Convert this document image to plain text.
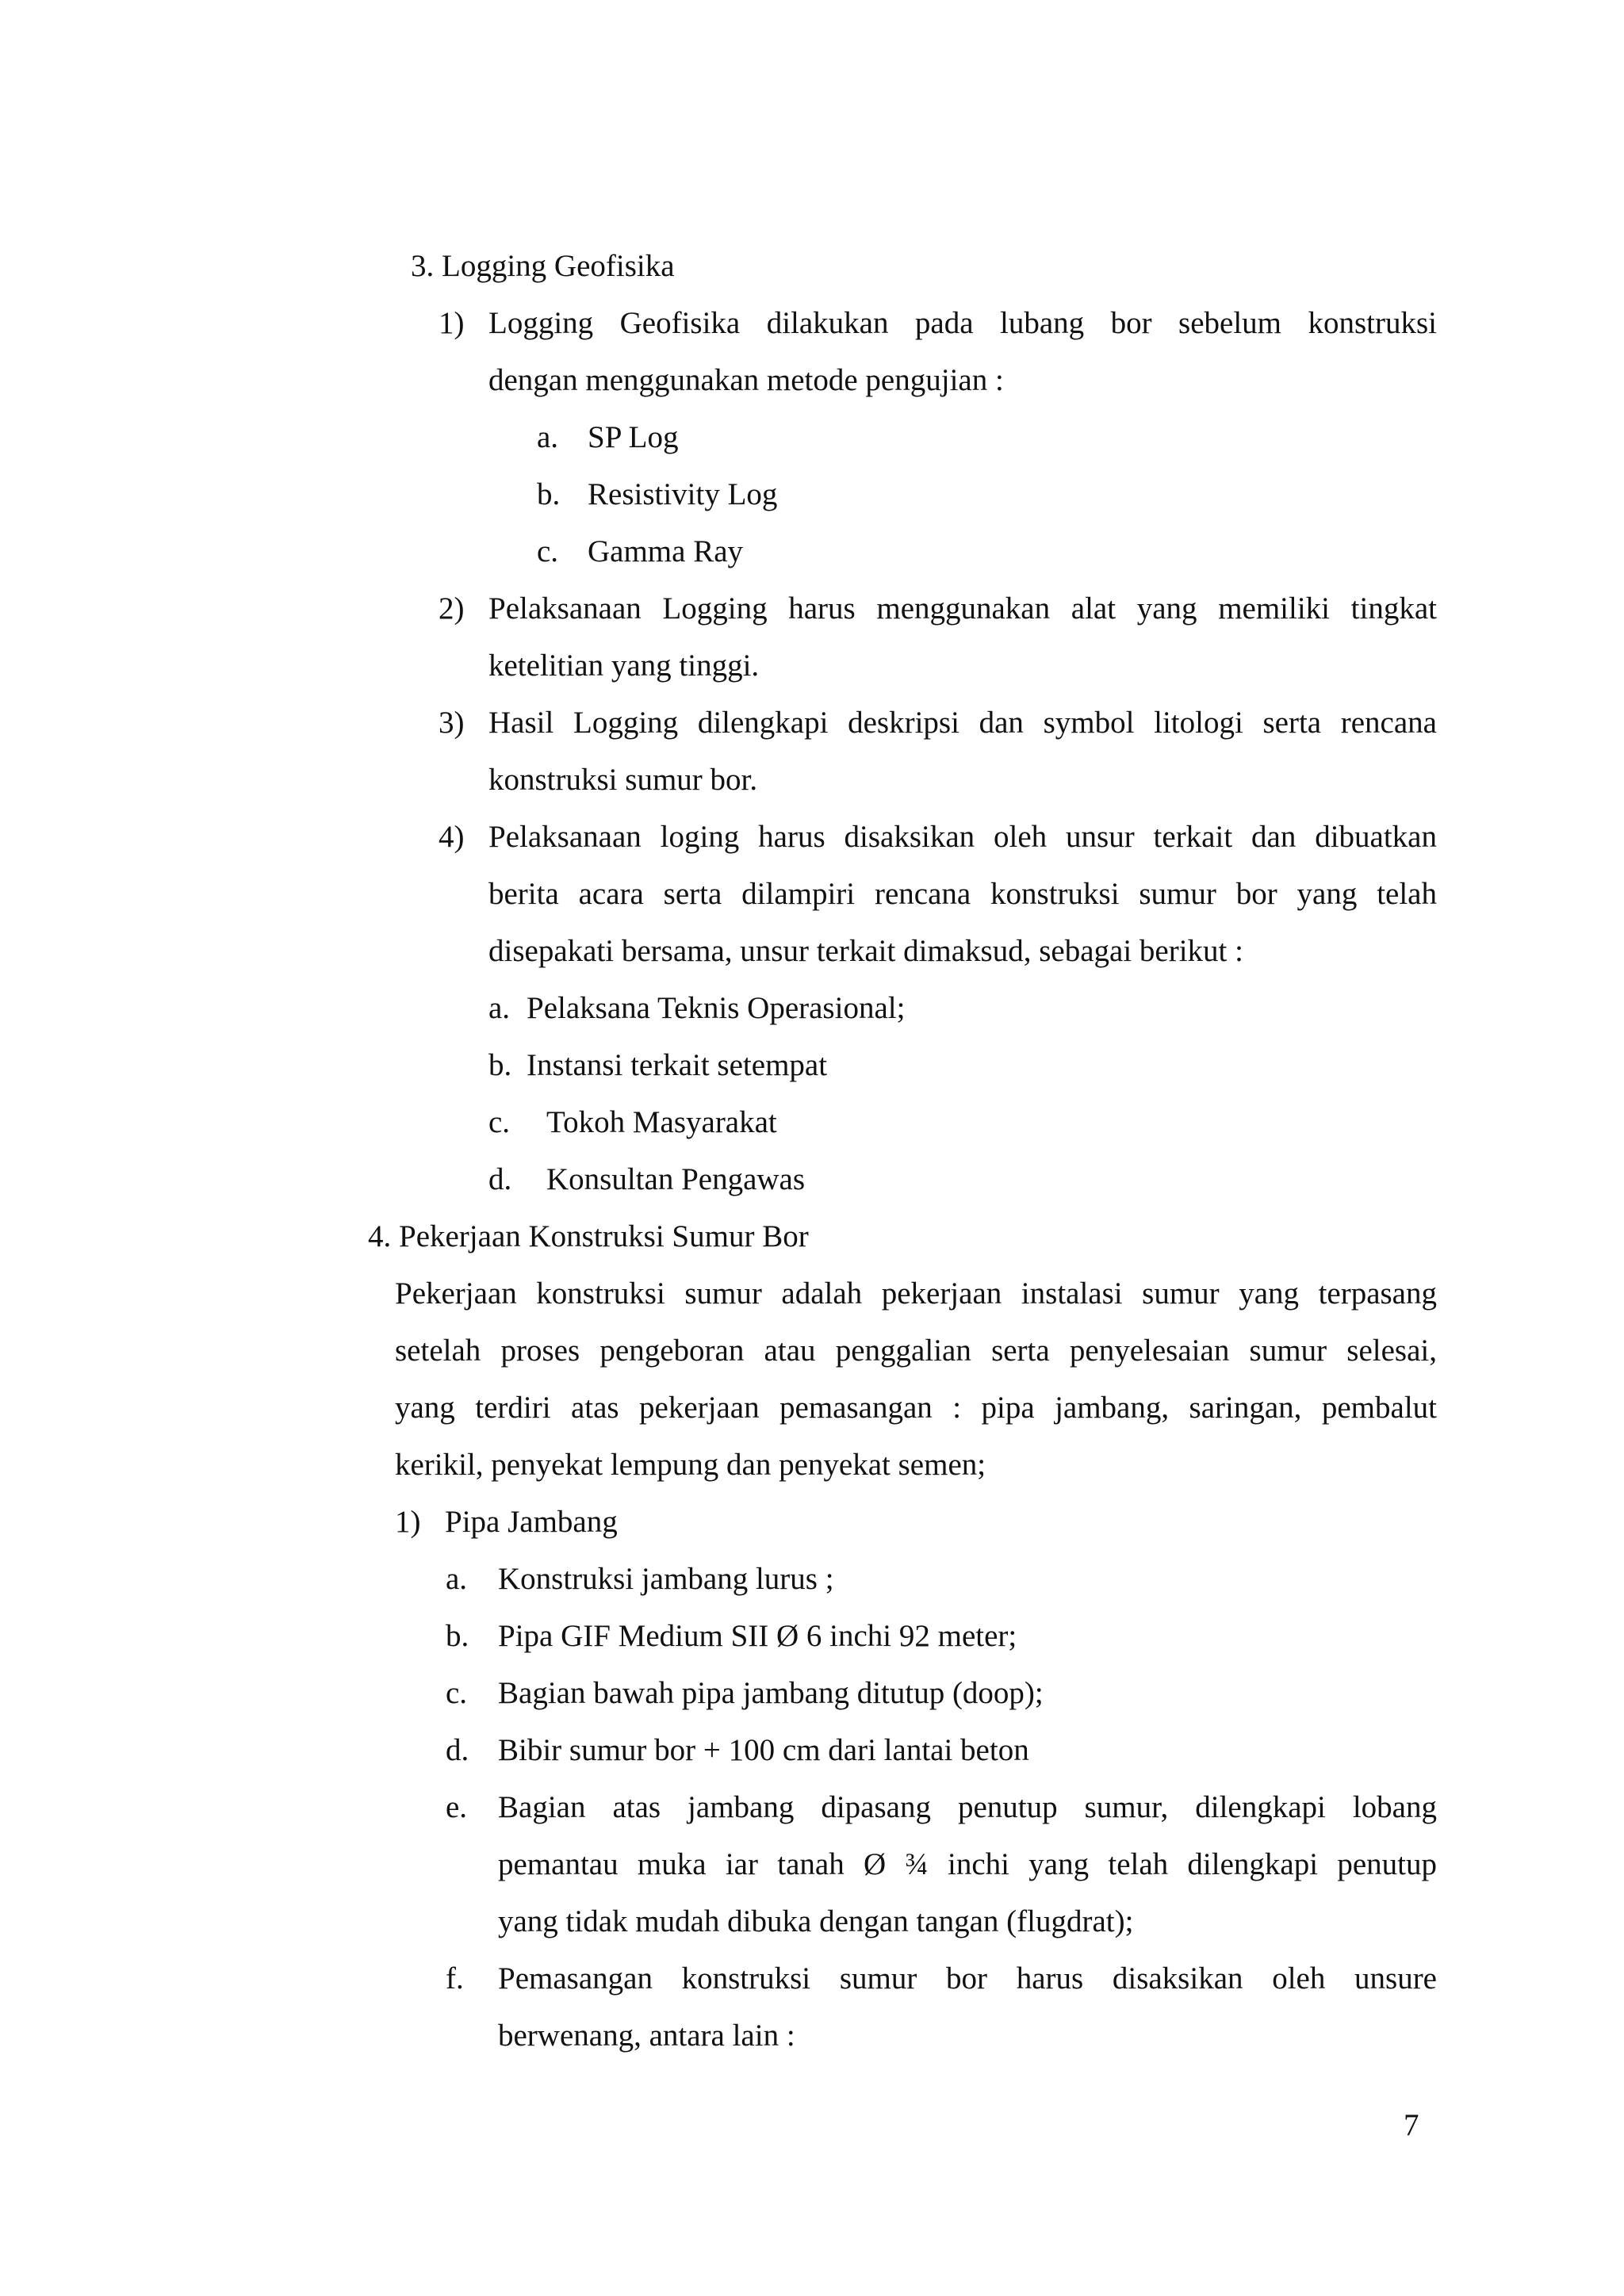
3. Logging Geofisika
1) Logging Geofisika dilakukan pada lubang bor sebelum konstruksi
dengan menggunakan metode pengujian :
a. SP Log
b. Resistivity Log
c. Gamma Ray
2) Pelaksanaan Logging harus menggunakan alat yang memiliki tingkat
ketelitian yang tinggi.
3) Hasil Logging dilengkapi deskripsi dan symbol litologi serta rencana
konstruksi sumur bor.
4) Pelaksanaan loging harus disaksikan oleh unsur terkait dan dibuatkan
berita acara serta dilampiri rencana konstruksi sumur bor yang telah
disepakati bersama, unsur terkait dimaksud, sebagai berikut :
a. Pelaksana Teknis Operasional;
b. Instansi terkait setempat
c. Tokoh Masyarakat
d. Konsultan Pengawas
4. Pekerjaan Konstruksi Sumur Bor
Pekerjaan konstruksi sumur adalah pekerjaan instalasi sumur yang terpasang
setelah proses pengeboran atau penggalian serta penyelesaian sumur selesai,
yang terdiri atas pekerjaan pemasangan : pipa jambang, saringan, pembalut
kerikil, penyekat lempung dan penyekat semen;
1) Pipa Jambang
a. Konstruksi jambang lurus ;
b. Pipa GIF Medium SII Ø 6 inchi 92 meter;
c. Bagian bawah pipa jambang ditutup (doop);
d. Bibir sumur bor + 100 cm dari lantai beton
e. Bagian atas jambang dipasang penutup sumur, dilengkapi lobang
pemantau muka iar tanah Ø ¾ inchi yang telah dilengkapi penutup
yang tidak mudah dibuka dengan tangan (flugdrat);
f. Pemasangan konstruksi sumur bor harus disaksikan oleh unsure
berwenang, antara lain :
7
